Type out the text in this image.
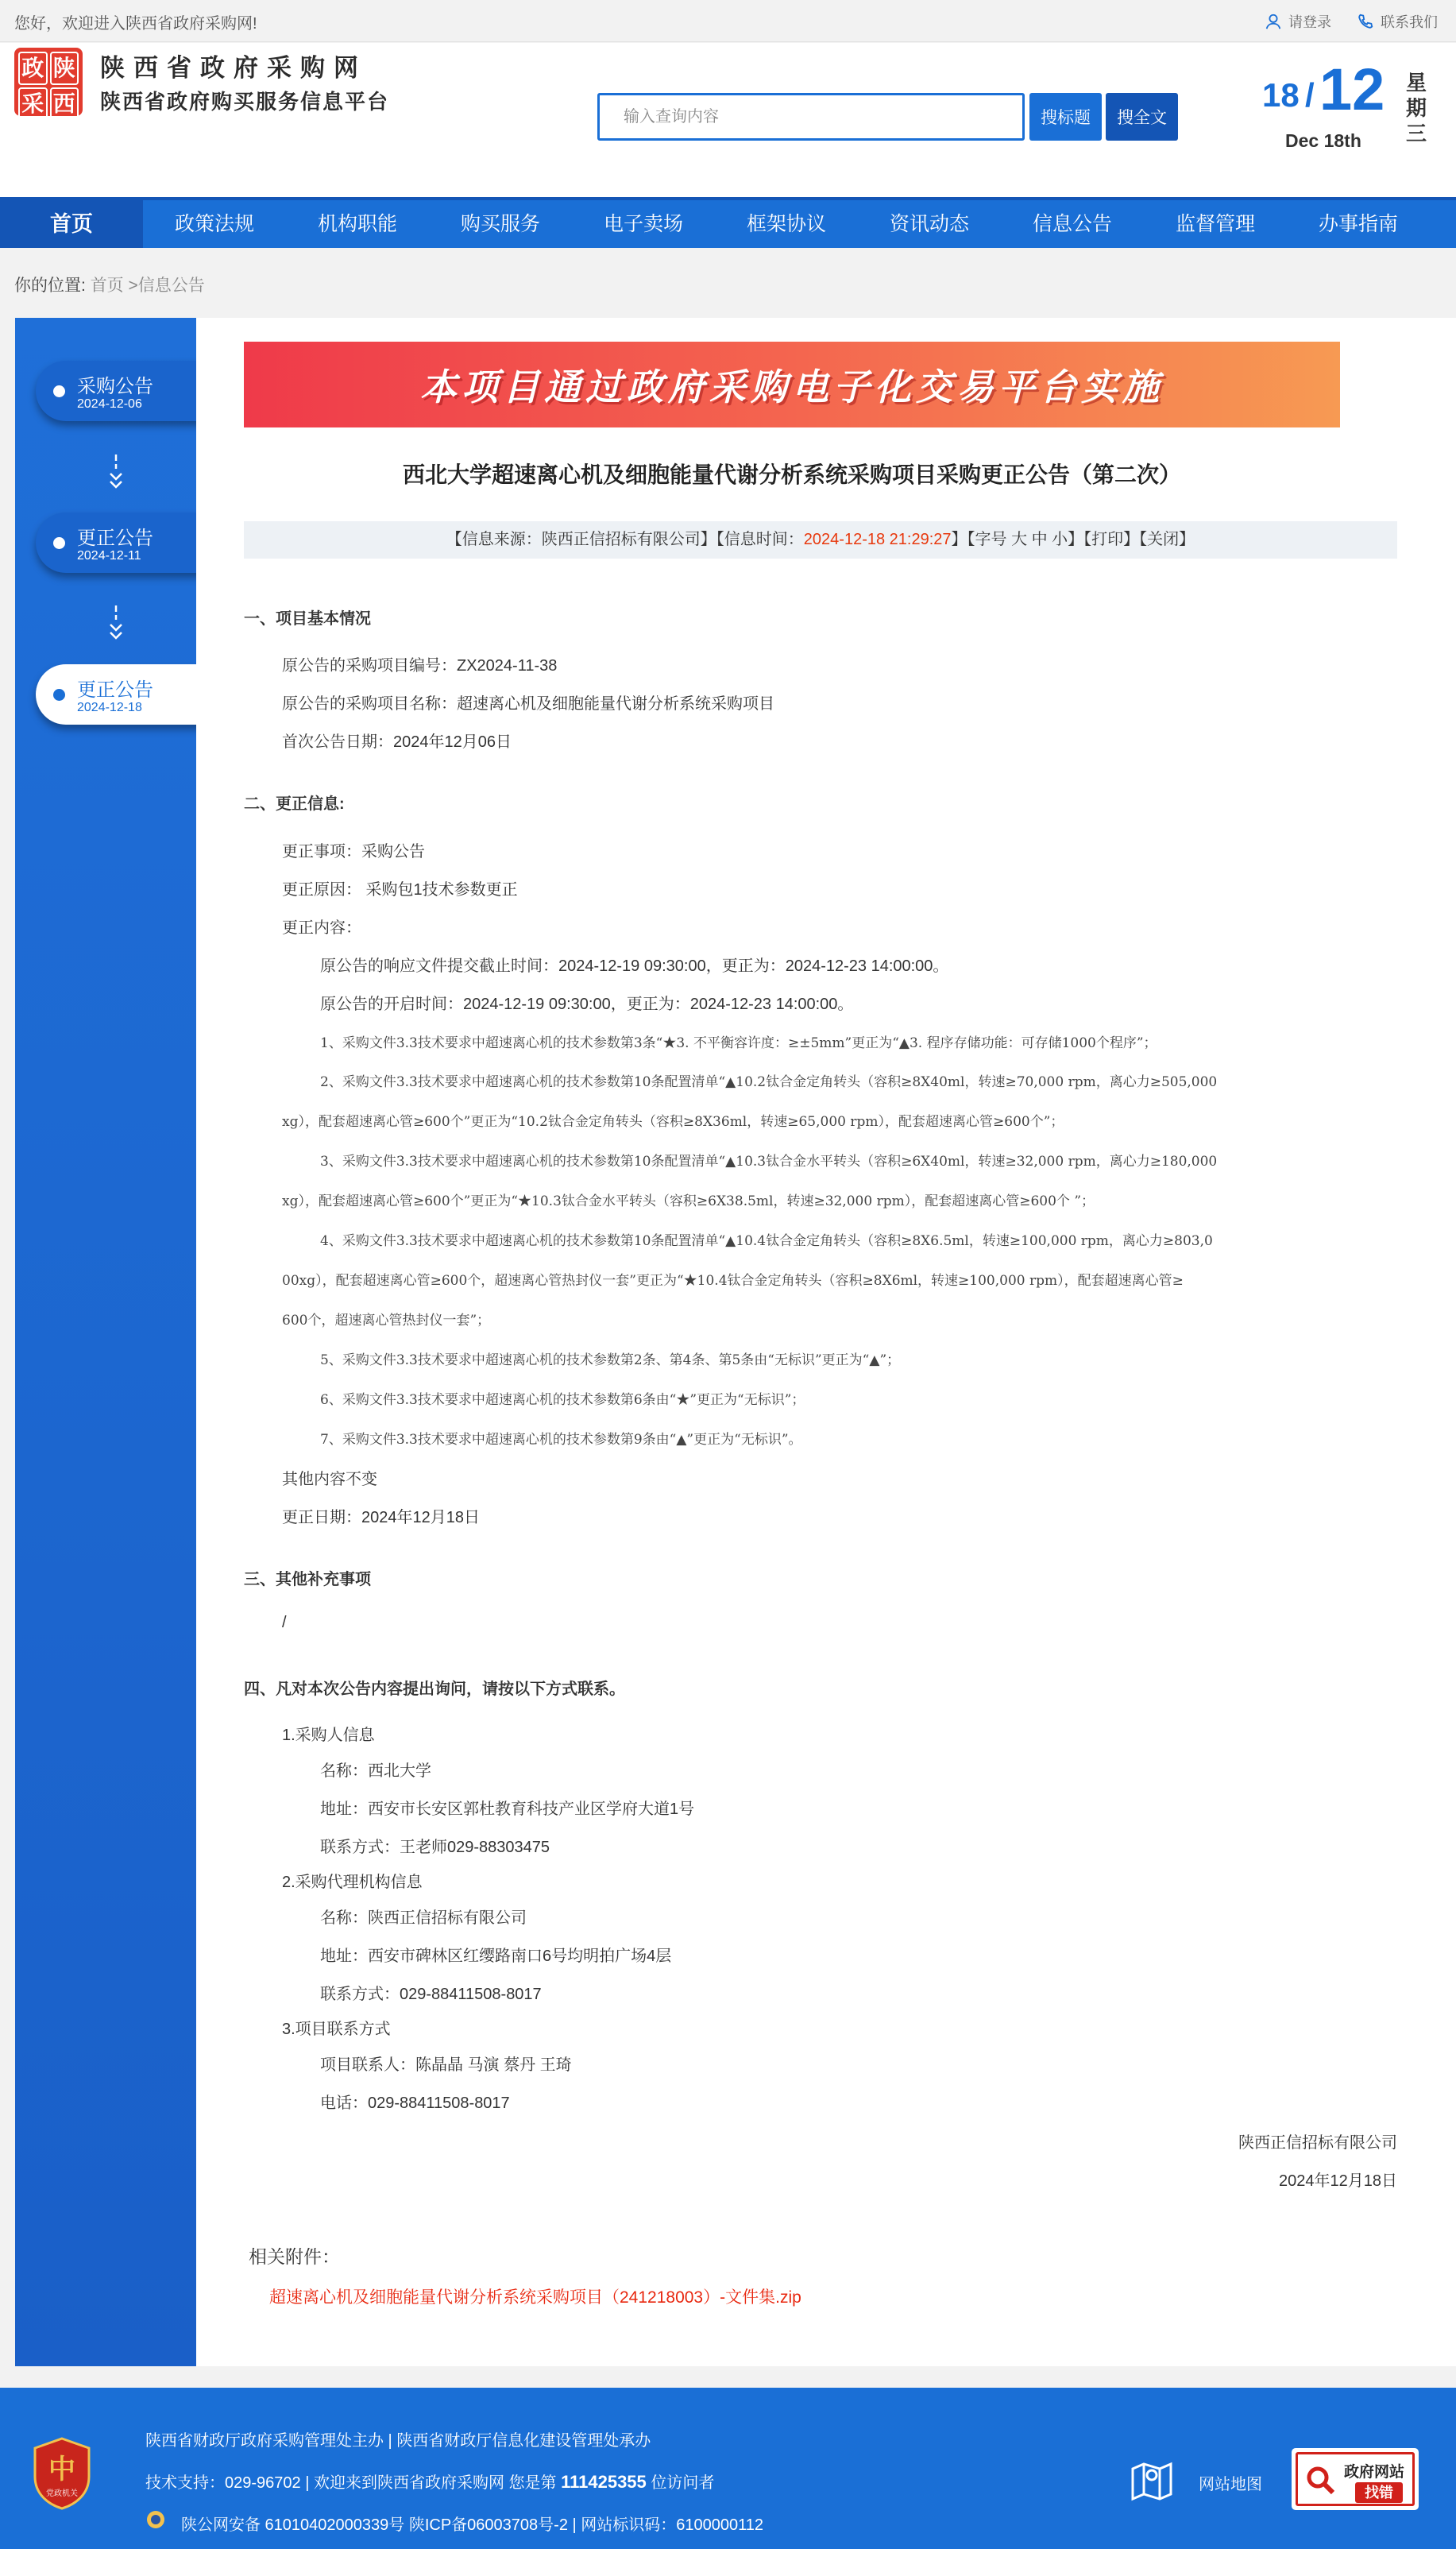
您好，欢迎进入陕西省政府采购网!	请登录	联系我们
政 陕
采 西
陕西省政府采购网
陕西省政府购买服务信息平台
输入查询内容
搜标题	搜全文
18 / 12
Dec 18th
星期三
首页	政策法规	机构职能	购买服务	电子卖场	框架协议	资讯动态	信息公告	监督管理	办事指南
你的位置: 首页 >信息公告
采购公告
2024-12-06
更正公告
2024-12-11
更正公告
2024-12-18
本项目通过政府采购电子化交易平台实施
西北大学超速离心机及细胞能量代谢分析系统采购项目采购更正公告（第二次）
【信息来源：陕西正信招标有限公司】【信息时间：2024-12-18 21:29:27】【字号 大 中 小】【打印】【关闭】
一、项目基本情况
原公告的采购项目编号：ZX2024-11-38
原公告的采购项目名称：超速离心机及细胞能量代谢分析系统采购项目
首次公告日期：2024年12月06日
二、更正信息:
更正事项：采购公告
更正原因： 采购包1技术参数更正
更正内容：
原公告的响应文件提交截止时间：2024-12-19 09:30:00，更正为：2024-12-23 14:00:00。
原公告的开启时间：2024-12-19 09:30:00，更正为：2024-12-23 14:00:00。
1、采购文件3.3技术要求中超速离心机的技术参数第3条“★3. 不平衡容许度：≥±5mm”更正为“▲3. 程序存储功能：可存储1000个程序”；
2、采购文件3.3技术要求中超速离心机的技术参数第10条配置清单“▲10.2钛合金定角转头（容积≥8X40ml，转速≥70,000 rpm，离心力≥505,000
xg），配套超速离心管≥600个”更正为“10.2钛合金定角转头（容积≥8X36ml，转速≥65,000 rpm），配套超速离心管≥600个”；
3、采购文件3.3技术要求中超速离心机的技术参数第10条配置清单“▲10.3钛合金水平转头（容积≥6X40ml，转速≥32,000 rpm，离心力≥180,000
xg），配套超速离心管≥600个”更正为“★10.3钛合金水平转头（容积≥6X38.5ml，转速≥32,000 rpm），配套超速离心管≥600个 ”；
4、采购文件3.3技术要求中超速离心机的技术参数第10条配置清单“▲10.4钛合金定角转头（容积≥8X6.5ml，转速≥100,000 rpm，离心力≥803,0
00xg），配套超速离心管≥600个，超速离心管热封仪一套”更正为“★10.4钛合金定角转头（容积≥8X6ml，转速≥100,000 rpm），配套超速离心管≥
600个，超速离心管热封仪一套”；
5、采购文件3.3技术要求中超速离心机的技术参数第2条、第4条、第5条由“无标识”更正为“▲”；
6、采购文件3.3技术要求中超速离心机的技术参数第6条由“★”更正为“无标识”；
7、采购文件3.3技术要求中超速离心机的技术参数第9条由“▲”更正为“无标识”。
其他内容不变
更正日期：2024年12月18日
三、其他补充事项
/
四、凡对本次公告内容提出询问，请按以下方式联系。
1.采购人信息
名称：西北大学
地址：西安市长安区郭杜教育科技产业区学府大道1号
联系方式：王老师029-88303475
2.采购代理机构信息
名称：陕西正信招标有限公司
地址：西安市碑林区红缨路南口6号均明拍广场4层
联系方式：029-88411508-8017
3.项目联系方式
项目联系人：陈晶晶 马演 蔡丹 王琦
电话：029-88411508-8017
陕西正信招标有限公司
2024年12月18日
相关附件：
超速离心机及细胞能量代谢分析系统采购项目（241218003）-文件集.zip
中
党政机关
陕西省财政厅政府采购管理处主办 | 陕西省财政厅信息化建设管理处承办
技术支持：029-96702 | 欢迎来到陕西省政府采购网 您是第 111425355 位访问者
陕公网安备 61010402000339号 陕ICP备06003708号-2 | 网站标识码：6100000112
网站地图
政府网站
找错
